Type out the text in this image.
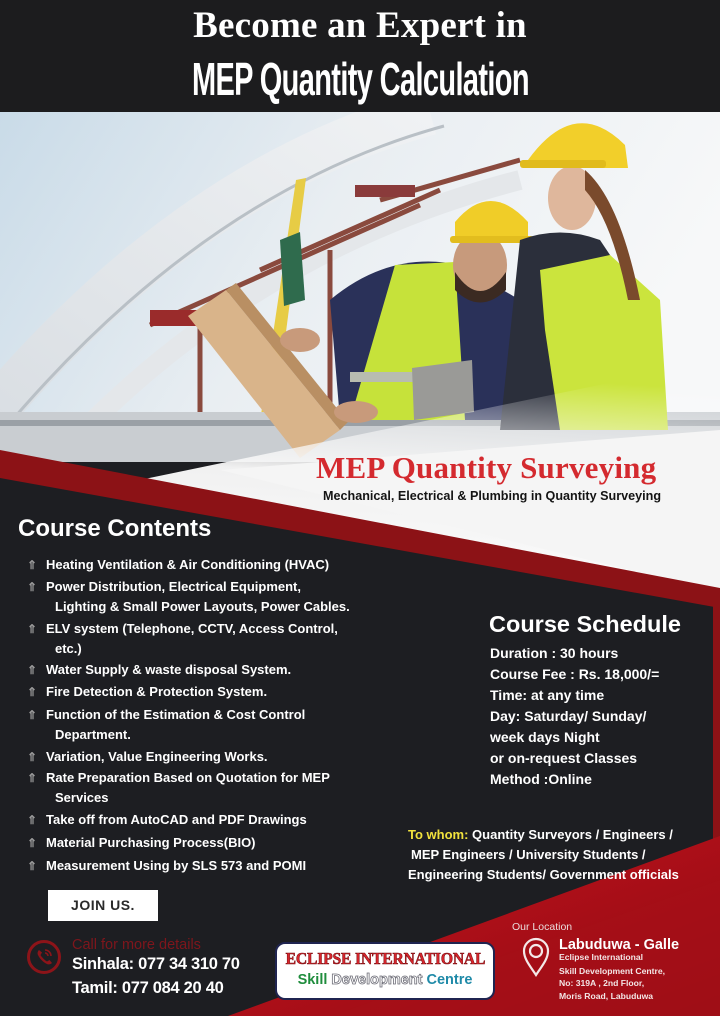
Become an Expert in
MEP Quantity Calculation
MEP Quantity Surveying
Mechanical, Electrical & Plumbing in Quantity Surveying
Course Contents
⇑ Heating Ventilation & Air Conditioning (HVAC)
⇑ Power Distribution, Electrical Equipment,
Lighting & Small Power Layouts, Power Cables.
⇑ ELV system (Telephone, CCTV, Access Control,
etc.)
⇑ Water Supply & waste disposal System.
⇑ Fire Detection & Protection System.
⇑ Function of the Estimation & Cost Control
Department.
⇑ Variation, Value Engineering Works.
⇑ Rate Preparation Based on Quotation for MEP
Services
⇑ Take off from AutoCAD and PDF Drawings
⇑ Material Purchasing Process(BIO)
⇑ Measurement Using by SLS 573 and POMI
Course Schedule
Duration : 30 hours
Course Fee : Rs. 18,000/=
Time: at any time
Day: Saturday/ Sunday/
week days Night
or on-request Classes
Method :Online
To whom: Quantity Surveyors / Engineers /
MEP Engineers / University Students /
Engineering Students/ Government officials
JOIN US.
Call for more details
Sinhala: 077 34 310 70
Tamil: 077 084 20 40
ECLIPSE INTERNATIONAL
Skill Development Centre
Our Location
Labuduwa - Galle
Eclipse International
Skill Development Centre,
No: 319A , 2nd Floor,
Moris Road, Labuduwa
